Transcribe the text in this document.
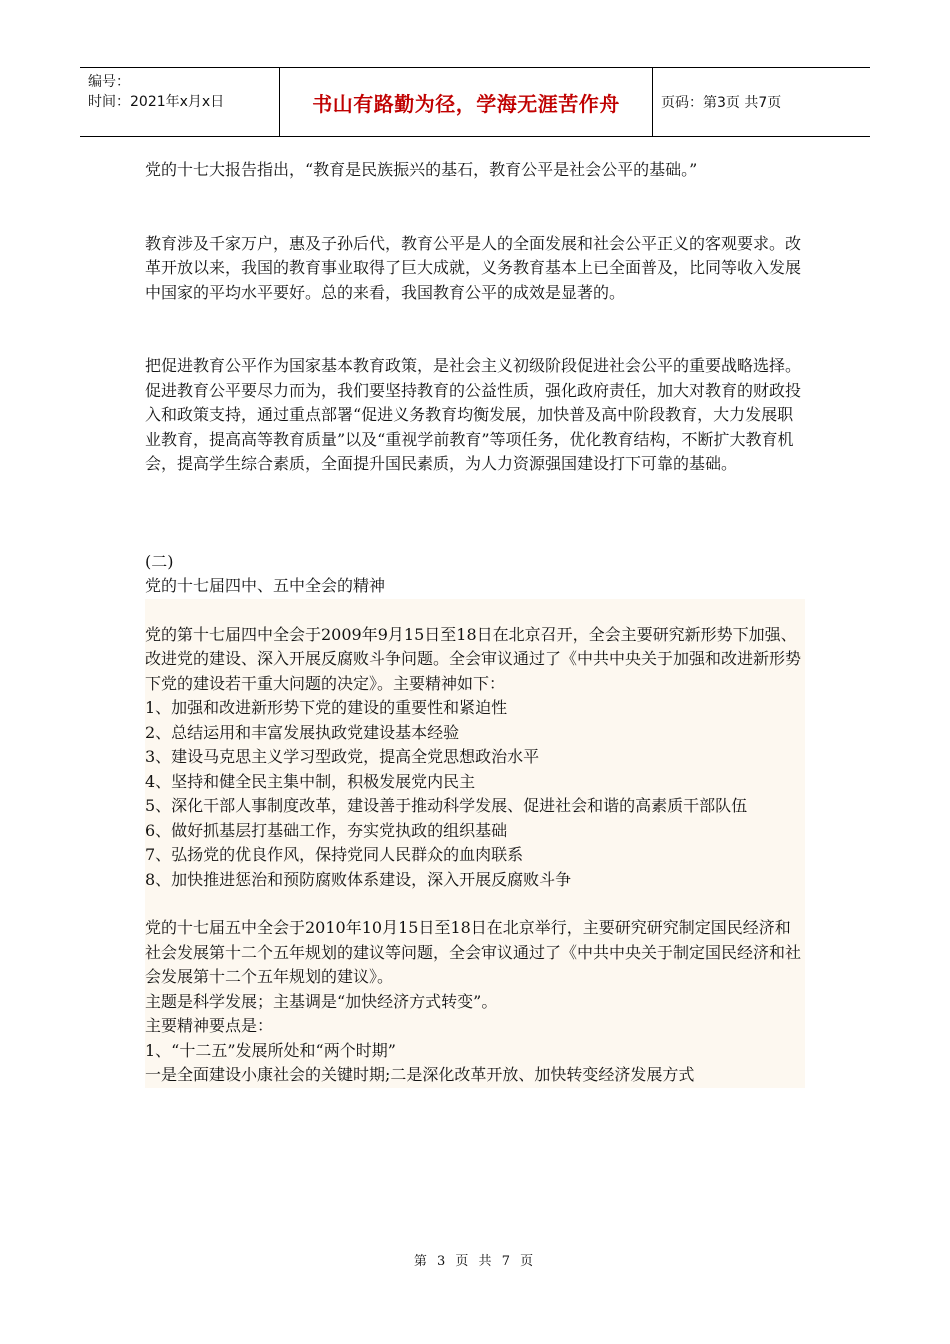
编号：
时间：2021年x月x日	书山有路勤为径，学海无涯苦作舟	页码：第3页 共7页

党的十七大报告指出，“教育是民族振兴的基石，教育公平是社会公平的基础。”

教育涉及千家万户，惠及子孙后代，教育公平是人的全面发展和社会公平正义的客观要求。改革开放以来，我国的教育事业取得了巨大成就，义务教育基本上已全面普及，比同等收入发展中国家的平均水平要好。总的来看，我国教育公平的成效是显著的。

把促进教育公平作为国家基本教育政策，是社会主义初级阶段促进社会公平的重要战略选择。促进教育公平要尽力而为，我们要坚持教育的公益性质，强化政府责任，加大对教育的财政投入和政策支持，通过重点部署“促进义务教育均衡发展，加快普及高中阶段教育，大力发展职业教育，提高高等教育质量”以及“重视学前教育”等项任务，优化教育结构，不断扩大教育机会，提高学生综合素质，全面提升国民素质，为人力资源强国建设打下可靠的基础。

(二)

党的十七届四中、五中全会的精神

党的第十七届四中全会于2009年9月15日至18日在北京召开，全会主要研究新形势下加强、改进党的建设、深入开展反腐败斗争问题。全会审议通过了《中共中央关于加强和改进新形势下党的建设若干重大问题的决定》。主要精神如下：

1、加强和改进新形势下党的建设的重要性和紧迫性

2、总结运用和丰富发展执政党建设基本经验

3、建设马克思主义学习型政党，提高全党思想政治水平

4、坚持和健全民主集中制，积极发展党内民主

5、深化干部人事制度改革，建设善于推动科学发展、促进社会和谐的高素质干部队伍

6、做好抓基层打基础工作，夯实党执政的组织基础

7、弘扬党的优良作风，保持党同人民群众的血肉联系

8、加快推进惩治和预防腐败体系建设，深入开展反腐败斗争

党的十七届五中全会于2010年10月15日至18日在北京举行，主要研究研究制定国民经济和社会发展第十二个五年规划的建议等问题，全会审议通过了《中共中央关于制定国民经济和社会发展第十二个五年规划的建议》。

主题是科学发展；主基调是“加快经济方式转变”。

主要精神要点是：

1、“十二五”发展所处和“两个时期”

一是全面建设小康社会的关键时期;二是深化改革开放、加快转变经济发展方式

第 3 页 共 7 页
